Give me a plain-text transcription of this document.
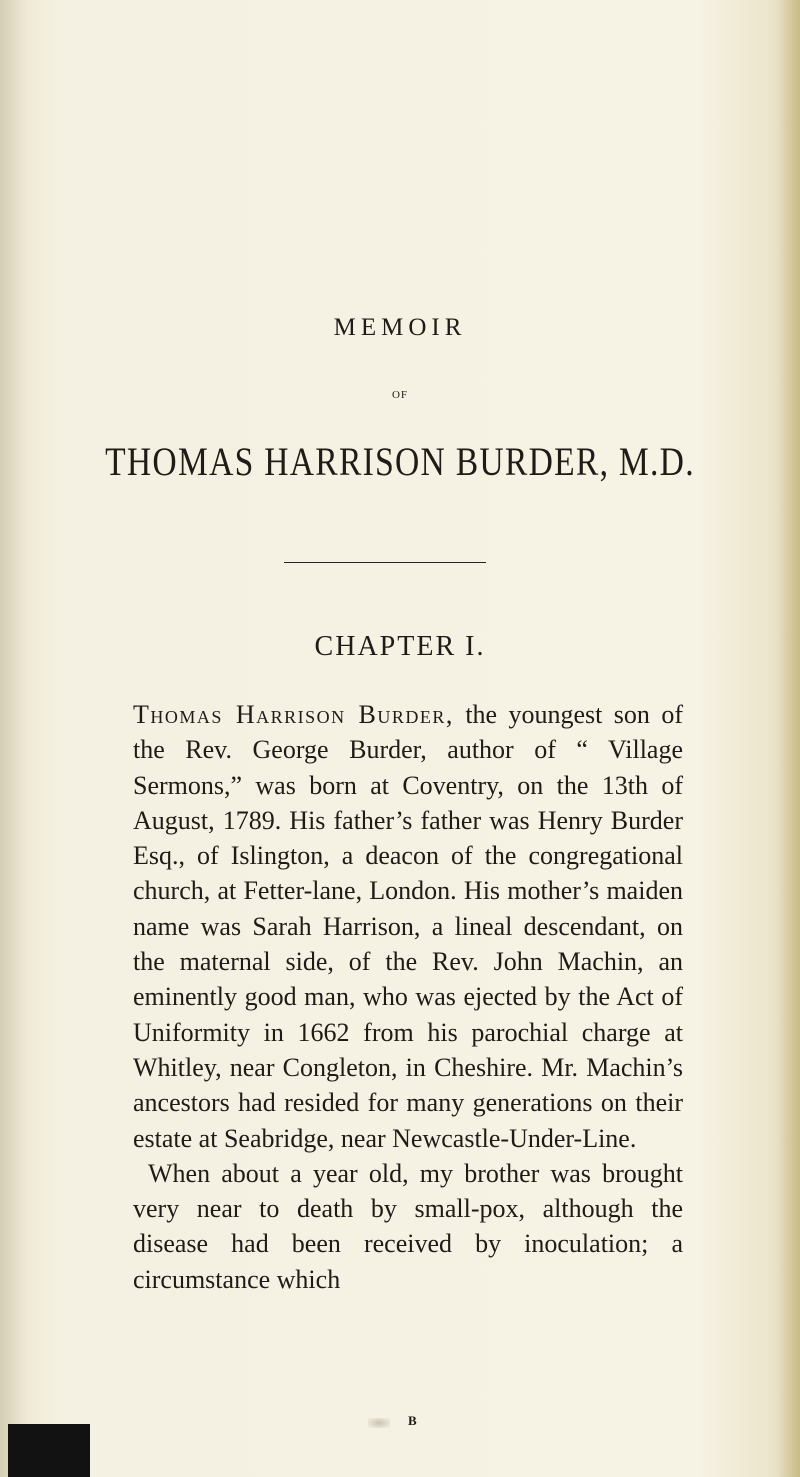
MEMOIR
OF
THOMAS HARRISON BURDER, M.D.
CHAPTER I.

Thomas Harrison Burder, the youngest son of the Rev. George Burder, author of “ Village Sermons,” was born at Coventry, on the 13th of August, 1789. His father’s father was Henry Burder Esq., of Islington, a deacon of the congregational church, at Fetter-lane, London. His mother’s maiden name was Sarah Harrison, a lineal descendant, on the maternal side, of the Rev. John Machin, an eminently good man, who was ejected by the Act of Uniformity in 1662 from his parochial charge at Whitley, near Congleton, in Cheshire. Mr. Machin’s ancestors had resided for many generations on their estate at Seabridge, near Newcastle-Under-Line.

When about a year old, my brother was brought very near to death by small-pox, although the disease had been received by inoculation; a circumstance which

B
